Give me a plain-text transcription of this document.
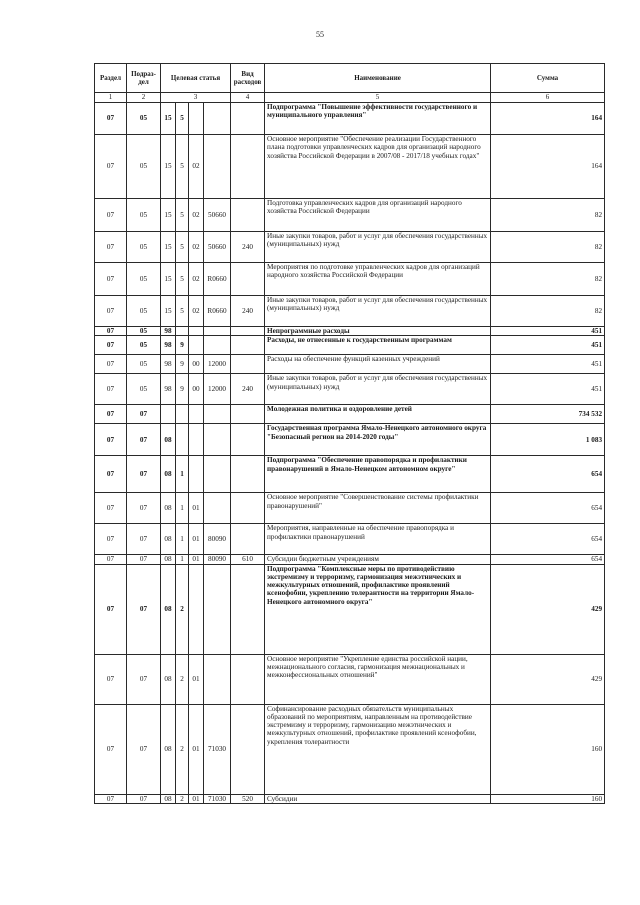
55
Раздел	Подраз-дел	Целевая статья				Вид расходов	Наименование	Сумма
1	2	3				4	5	6
07	05	15	5				Подпрограмма "Повышение эффективности государственного и муниципального управления"	164
07	05	15	5	02			Основное мероприятие "Обеспечение реализации Государственного плана подготовки управленческих кадров для организаций народного хозяйства Российской Федерации в 2007/08 - 2017/18 учебных годах"	164
07	05	15	5	02	50660		Подготовка управленческих кадров для организаций народного хозяйства Российской Федерации	82
07	05	15	5	02	50660	240	Иные закупки товаров, работ и услуг для обеспечения государственных (муниципальных) нужд	82
07	05	15	5	02	R0660		Мероприятия по подготовке управленческих кадров для организаций народного хозяйства Российской Федерации	82
07	05	15	5	02	R0660	240	Иные закупки товаров, работ и услуг для обеспечения государственных (муниципальных) нужд	82
07	05	98					Непрограммные расходы	451
07	05	98	9				Расходы, не отнесенные к государственным программам	451
07	05	98	9	00	12000		Расходы на обеспечение функций казенных учреждений	451
07	05	98	9	00	12000	240	Иные закупки товаров, работ и услуг для обеспечения государственных (муниципальных) нужд	451
07	07						Молодежная политика и оздоровление детей	734 532
07	07	08					Государственная программа Ямало-Ненецкого автономного округа "Безопасный регион на 2014-2020 годы"	1 083
07	07	08	1				Подпрограмма "Обеспечение правопорядка и профилактики правонарушений в Ямало-Ненецком автономном округе"	654
07	07	08	1	01			Основное мероприятие "Совершенствование системы профилактики правонарушений"	654
07	07	08	1	01	80090		Мероприятия, направленные на обеспечение правопорядка и профилактики правонарушений	654
07	07	08	1	01	80090	610	Субсидии бюджетным учреждениям	654
07	07	08	2				Подпрограмма "Комплексные меры по противодействию экстремизму и терроризму, гармонизация межэтнических и межкультурных отношений, профилактике проявлений ксенофобии, укреплению толерантности на территории Ямало-Ненецкого автономного округа"	429
07	07	08	2	01			Основное мероприятие "Укрепление единства российской нации, межнационального согласия, гармонизация межнациональных и межконфессиональных отношений"	429
07	07	08	2	01	71030		Софинансирование расходных обязательств муниципальных образований по мероприятиям, направленным на противодействие экстремизму и терроризму, гармонизацию межэтнических и межкультурных отношений, профилактике проявлений ксенофобии, укрепления толерантности	160
07	07	08	2	01	71030	520	Субсидии	160
